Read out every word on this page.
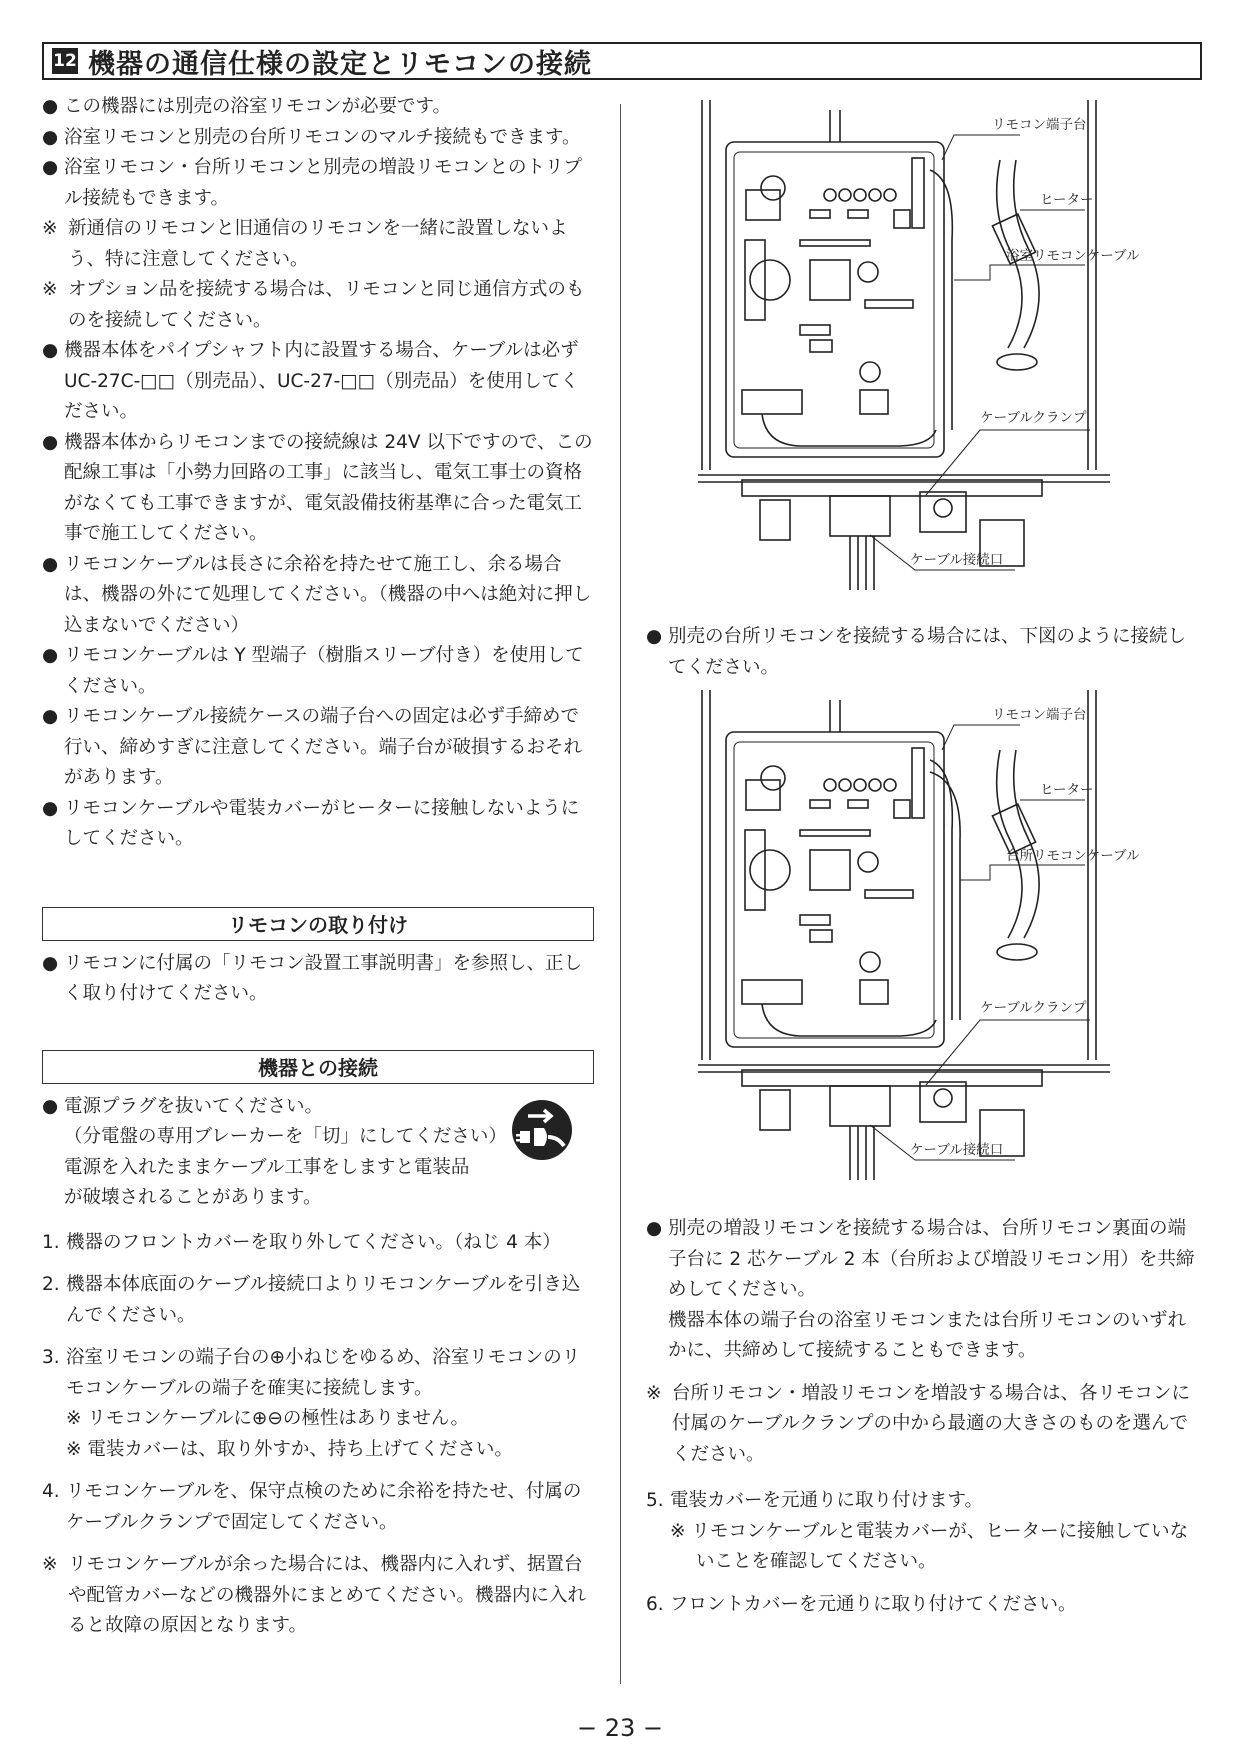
12 機器の通信仕様の設定とリモコンの接続

● この機器には別売の浴室リモコンが必要です。

● 浴室リモコンと別売の台所リモコンのマルチ接続もできます。

● 浴室リモコン・台所リモコンと別売の増設リモコンとのトリプル接続もできます。

※ 新通信のリモコンと旧通信のリモコンを一緒に設置しないよう、特に注意してください。

※ オプション品を接続する場合は、リモコンと同じ通信方式のものを接続してください。

● 機器本体をパイプシャフト内に設置する場合、ケーブルは必ず UC-27C-□□（別売品）、UC-27-□□（別売品）を使用してください。

● 機器本体からリモコンまでの接続線は 24V 以下ですので、この配線工事は「小勢力回路の工事」に該当し、電気工事士の資格がなくても工事できますが、電気設備技術基準に合った電気工事で施工してください。

● リモコンケーブルは長さに余裕を持たせて施工し、余る場合は、機器の外にて処理してください。（機器の中へは絶対に押し込まないでください）

● リモコンケーブルは Y 型端子（樹脂スリーブ付き）を使用してください。

● リモコンケーブル接続ケースの端子台への固定は必ず手締めで行い、締めすぎに注意してください。端子台が破損するおそれがあります。

● リモコンケーブルや電装カバーがヒーターに接触しないようにしてください。

リモコンの取り付け

● リモコンに付属の「リモコン設置工事説明書」を参照し、正しく取り付けてください。

機器との接続

● 電源プラグを抜いてください。

（分電盤の専用ブレーカーを「切」にしてください）

電源を入れたままケーブル工事をしますと電装品

が破壊されることがあります。

1. 機器のフロントカバーを取り外してください。（ねじ 4 本）

2. 機器本体底面のケーブル接続口よりリモコンケーブルを引き込んでください。

3. 浴室リモコンの端子台の⊕小ねじをゆるめ、浴室リモコンのリモコンケーブルの端子を確実に接続します。

※ リモコンケーブルに⊕⊖の極性はありません。

※ 電装カバーは、取り外すか、持ち上げてください。

4. リモコンケーブルを、保守点検のために余裕を持たせ、付属のケーブルクランプで固定してください。

※ リモコンケーブルが余った場合には、機器内に入れず、据置台や配管カバーなどの機器外にまとめてください。機器内に入れると故障の原因となります。

リモコン端子台
ヒーター
浴室リモコンケーブル
ケーブルクランプ
ケーブル接続口

● 別売の台所リモコンを接続する場合には、下図のように接続してください。

リモコン端子台
ヒーター
台所リモコンケーブル
ケーブルクランプ
ケーブル接続口

● 別売の増設リモコンを接続する場合は、台所リモコン裏面の端子台に 2 芯ケーブル 2 本（台所および増設リモコン用）を共締めしてください。

機器本体の端子台の浴室リモコンまたは台所リモコンのいずれかに、共締めして接続することもできます。

※ 台所リモコン・増設リモコンを増設する場合は、各リモコンに付属のケーブルクランプの中から最適の大きさのものを選んでください。

5. 電装カバーを元通りに取り付けます。

※ リモコンケーブルと電装カバーが、ヒーターに接触していないことを確認してください。

6. フロントカバーを元通りに取り付けてください。

− 23 −
